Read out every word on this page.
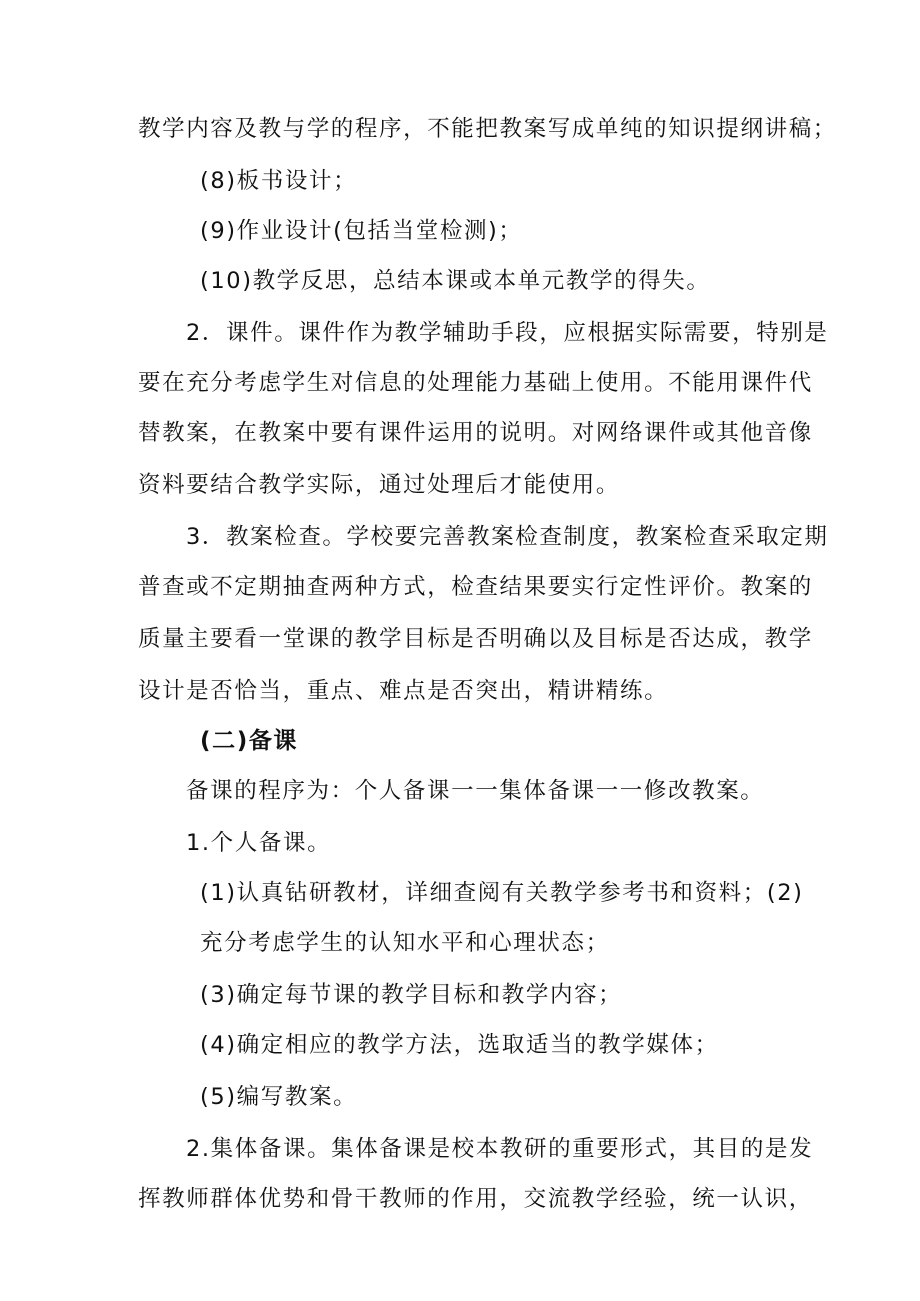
教学内容及教与学的程序，不能把教案写成单纯的知识提纲讲稿；
(8)板书设计；
(9)作业设计(包括当堂检测)；
(10)教学反思，总结本课或本单元教学的得失。
2．课件。课件作为教学辅助手段，应根据实际需要，特别是
要在充分考虑学生对信息的处理能力基础上使用。不能用课件代
替教案，在教案中要有课件运用的说明。对网络课件或其他音像
资料要结合教学实际，通过处理后才能使用。
3．教案检查。学校要完善教案检查制度，教案检查采取定期
普查或不定期抽查两种方式，检查结果要实行定性评价。教案的
质量主要看一堂课的教学目标是否明确以及目标是否达成，教学
设计是否恰当，重点、难点是否突出，精讲精练。
(二)备课
备课的程序为：个人备课一一集体备课一一修改教案。
1.个人备课。
(1)认真钻研教材，详细查阅有关教学参考书和资料；(2)
充分考虑学生的认知水平和心理状态；
(3)确定每节课的教学目标和教学内容；
(4)确定相应的教学方法，选取适当的教学媒体；
(5)编写教案。
2.集体备课。集体备课是校本教研的重要形式，其目的是发
挥教师群体优势和骨干教师的作用，交流教学经验，统一认识，
